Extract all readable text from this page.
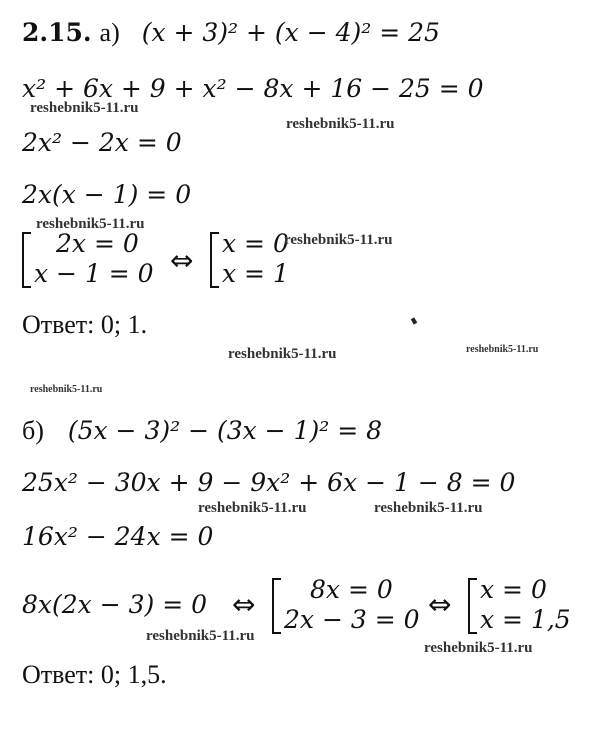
2.15. а) (x + 3)² + (x − 4)² = 25
x² + 6x + 9 + x² − 8x + 16 − 25 = 0
2x² − 2x = 0
2x(x − 1) = 0
2x = 0
x − 1 = 0 ⇔
x = 0
x = 1
Ответ: 0; 1.
б) (5x − 3)² − (3x − 1)² = 8
25x² − 30x + 9 − 9x² + 6x − 1 − 8 = 0
16x² − 24x = 0
8x(2x − 3) = 0 ⇔ 8x = 0
2x − 3 = 0 ⇔ x = 0
x = 1,5
Ответ: 0; 1,5.
reshebnik5-11.ru
reshebnik5-11.ru
reshebnik5-11.ru
reshebnik5-11.ru
reshebnik5-11.ru	reshebnik5-11.ru
reshebnik5-11.ru
reshebnik5-11.ru	reshebnik5-11.ru
reshebnik5-11.ru
reshebnik5-11.ru
